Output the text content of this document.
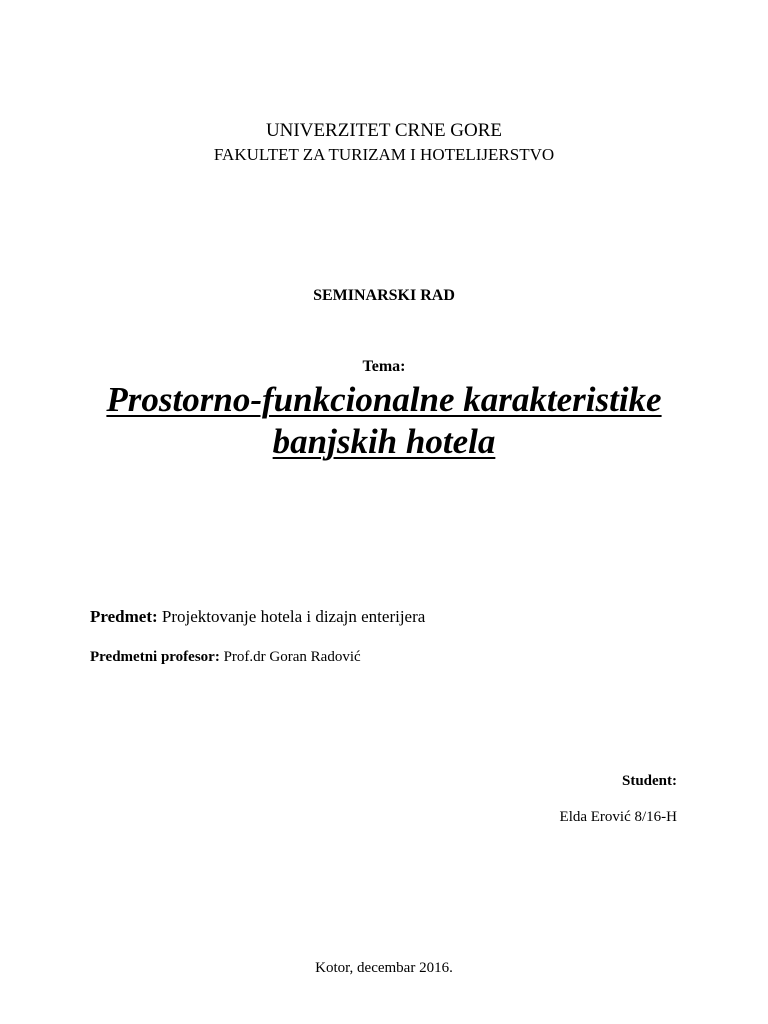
UNIVERZITET CRNE GORE
FAKULTET ZA TURIZAM I HOTELIJERSTVO
SEMINARSKI RAD
Tema:
Prostorno-funkcionalne karakteristike
banjskih hotela
Predmet: Projektovanje hotela i dizajn enterijera
Predmetni profesor: Prof.dr Goran Radović
Student:
Elda Erović 8/16-H
Kotor, decembar 2016.
